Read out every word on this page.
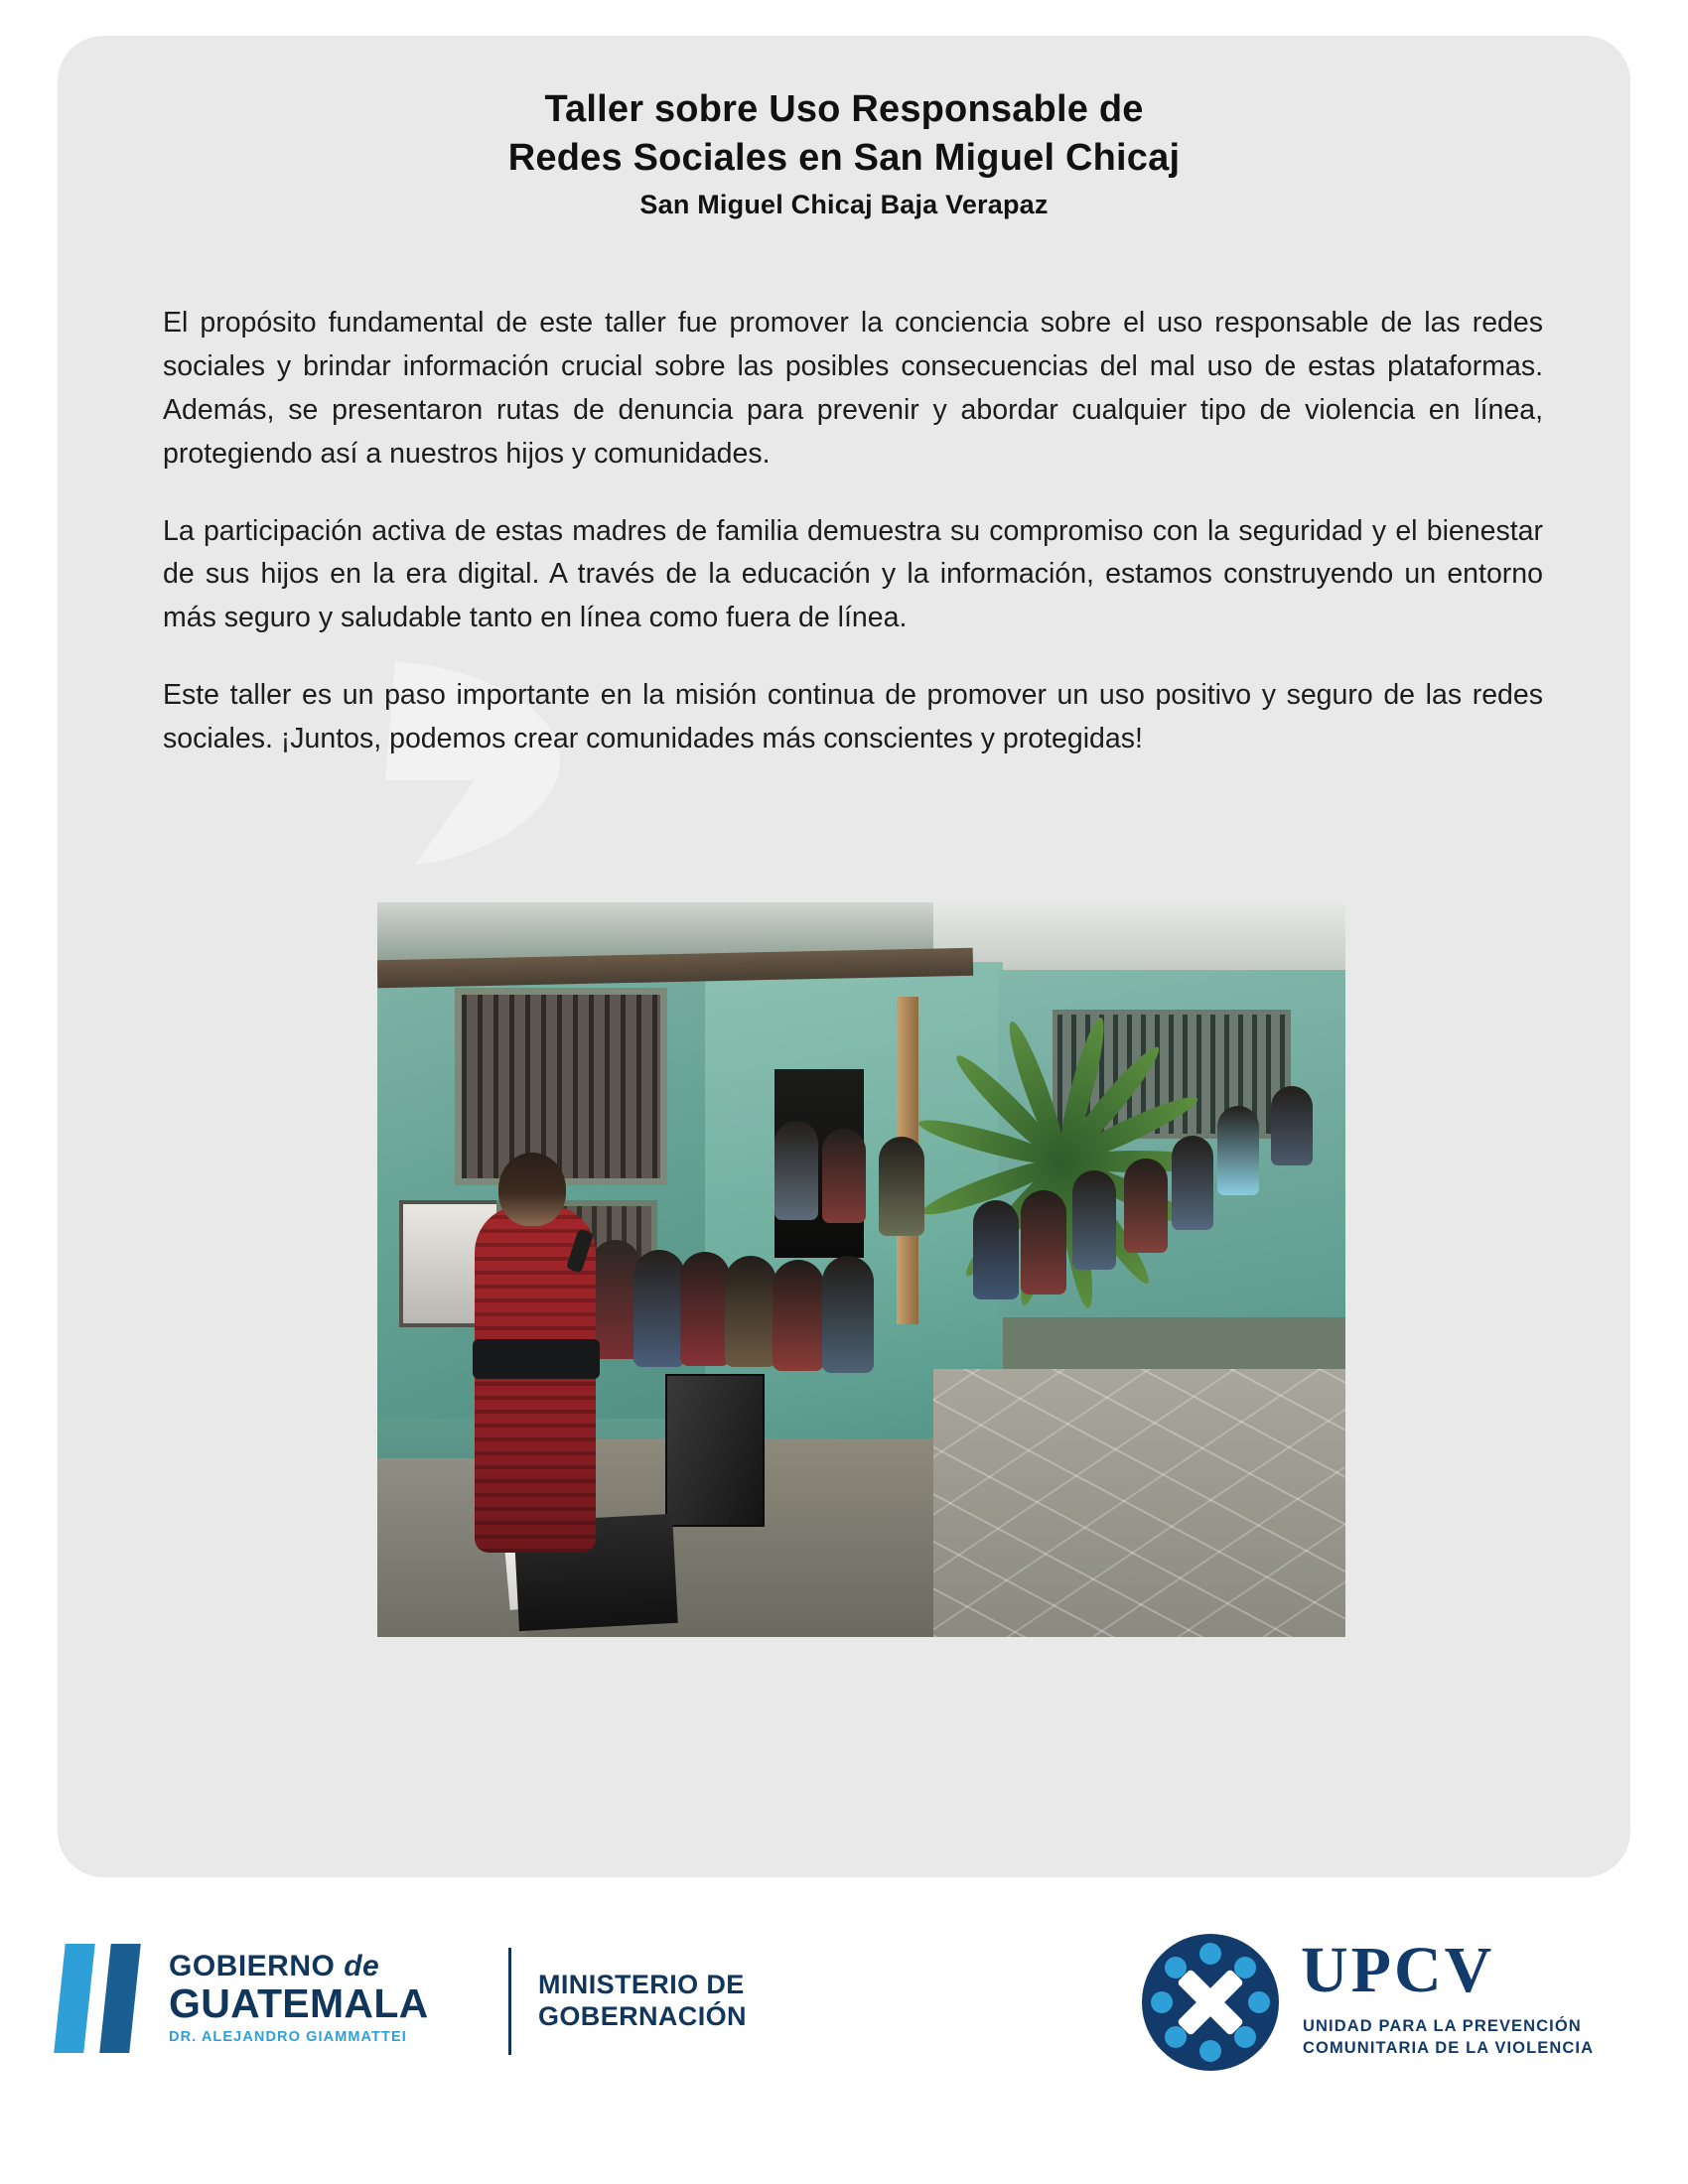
Taller sobre Uso Responsable de
Redes Sociales en San Miguel Chicaj
San Miguel Chicaj Baja Verapaz

El propósito fundamental de este taller fue promover la conciencia sobre el uso responsable de las redes sociales y brindar información crucial sobre las posibles consecuencias del mal uso de estas plataformas. Además, se presentaron rutas de denuncia para prevenir y abordar cualquier tipo de violencia en línea, protegiendo así a nuestros hijos y comunidades.

La participación activa de estas madres de familia demuestra su compromiso con la seguridad y el bienestar de sus hijos en la era digital. A través de la educación y la información, estamos construyendo un entorno más seguro y saludable tanto en línea como fuera de línea.

Este taller es un paso importante en la misión continua de promover un uso positivo y seguro de las redes sociales. ¡Juntos, podemos crear comunidades más conscientes y protegidas!

GOBIERNO de
GUATEMALA
DR. ALEJANDRO GIAMMATTEI
MINISTERIO DE
GOBERNACIÓN
UPCV
UNIDAD PARA LA PREVENCIÓN
COMUNITARIA DE LA VIOLENCIA
